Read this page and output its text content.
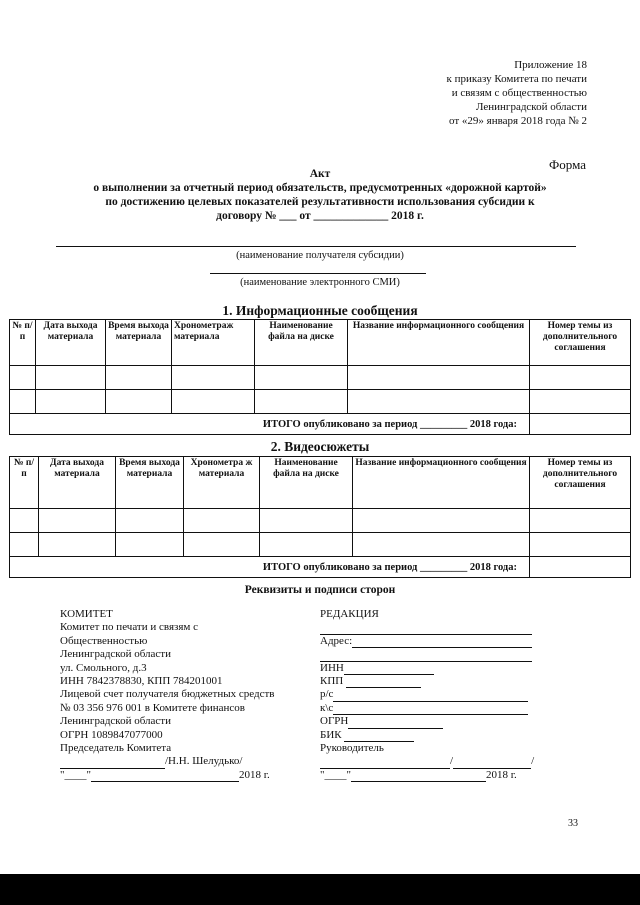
Приложение 18
к приказу Комитета по печати
и связям с общественностью
Ленинградской области
от «29» января 2018 года № 2
Форма
Акт
о выполнении за отчетный период обязательств, предусмотренных «дорожной картой»
по достижению целевых показателей результативности использования субсидии к
договору № ___ от _____________ 2018 г.
(наименование получателя субсидии)
(наименование электронного СМИ)
1. Информационные сообщения
№ п/п	Дата выхода материала	Время выхода материала	Хронометраж материала	Наименование файла на диске	Название информационного сообщения	Номер темы из дополнительного соглашения

ИТОГО опубликовано за период _________ 2018 года:						
2. Видеосюжеты
№ п/п	Дата выхода материала	Время выхода материала	Хронометра ж материала	Наименование файла на диске	Название информационного сообщения	Номер темы из дополнительного соглашения

ИТОГО опубликовано за период _________ 2018 года:						
Реквизиты и подписи сторон
КОМИТЕТ
Комитет по печати и связям с
Общественностью
Ленинградской области
ул. Смольного, д.3
ИНН 7842378830, КПП 784201001
Лицевой счет получателя бюджетных средств
№ 03 356 976 001 в Комитете финансов
Ленинградской области
ОГРН 1089847077000
Председатель Комитета
/Н.Н. Шелудько/
"____"	2018 г.
РЕДАКЦИЯ
Адрес:
ИНН
КПП
р/с
к\с
ОГРН
БИК
Руководитель
/	/
"____"	2018 г.
33
